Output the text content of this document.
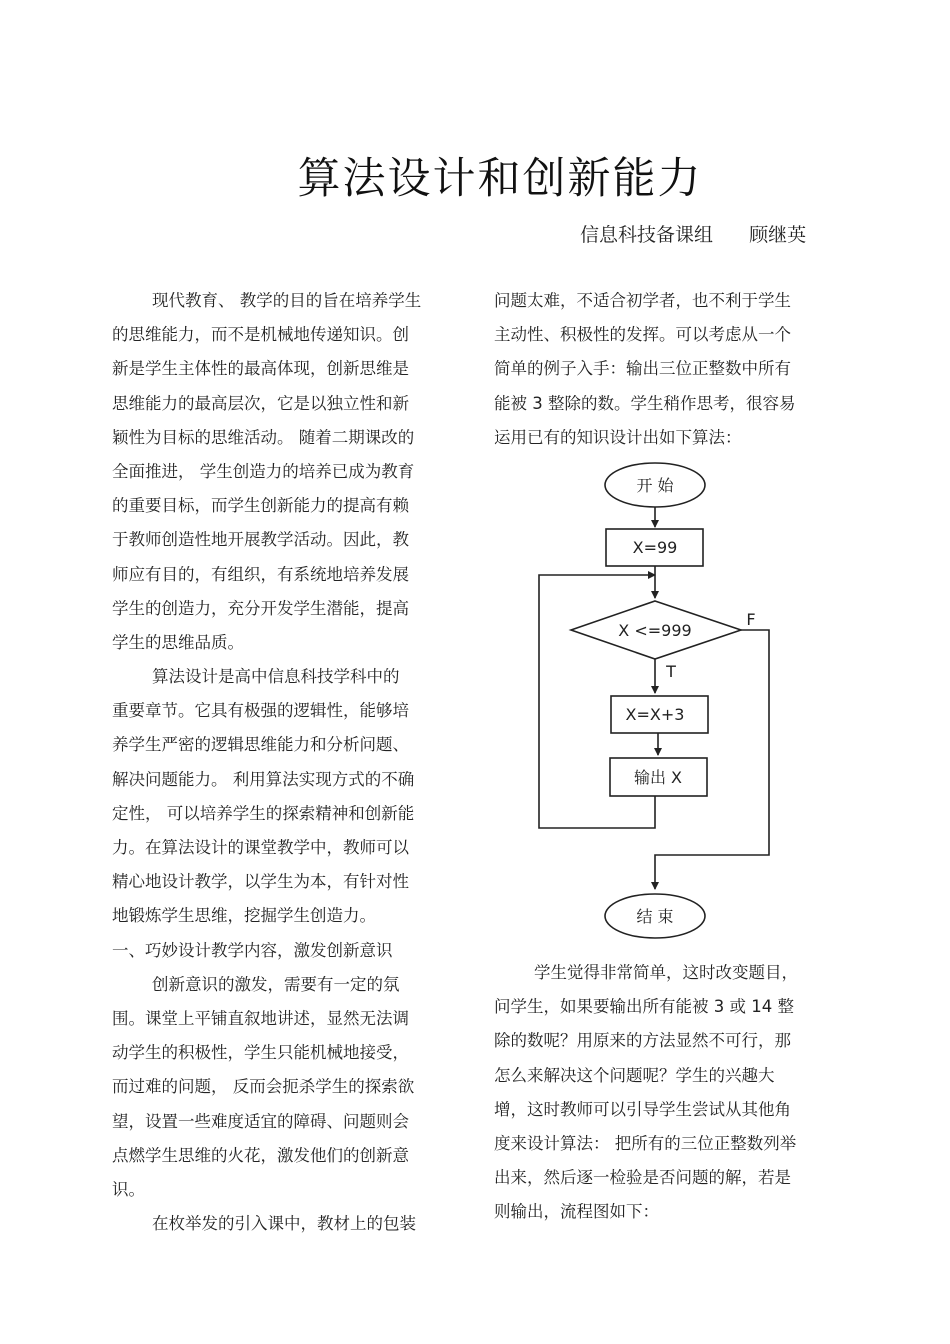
算法设计和创新能力
信息科技备课组 顾继英
现代教育、 教学的目的旨在培养学生
的思维能力，而不是机械地传递知识。创
新是学生主体性的最高体现，创新思维是
思维能力的最高层次，它是以独立性和新
颖性为目标的思维活动。 随着二期课改的
全面推进， 学生创造力的培养已成为教育
的重要目标，而学生创新能力的提高有赖
于教师创造性地开展教学活动。因此，教
师应有目的，有组织，有系统地培养发展
学生的创造力，充分开发学生潜能，提高
学生的思维品质。
算法设计是高中信息科技学科中的
重要章节。它具有极强的逻辑性，能够培
养学生严密的逻辑思维能力和分析问题、
解决问题能力。 利用算法实现方式的不确
定性， 可以培养学生的探索精神和创新能
力。在算法设计的课堂教学中，教师可以
精心地设计教学，以学生为本，有针对性
地锻炼学生思维，挖掘学生创造力。
一、巧妙设计教学内容，激发创新意识
创新意识的激发，需要有一定的氛
围。课堂上平铺直叙地讲述，显然无法调
动学生的积极性，学生只能机械地接受，
而过难的问题， 反而会扼杀学生的探索欲
望，设置一些难度适宜的障碍、问题则会
点燃学生思维的火花，激发他们的创新意
识。
在枚举发的引入课中，教材上的包装
问题太难，不适合初学者，也不利于学生
主动性、积极性的发挥。可以考虑从一个
简单的例子入手：输出三位正整数中所有
能被 3 整除的数。学生稍作思考，很容易
运用已有的知识设计出如下算法：
学生觉得非常简单，这时改变题目，
问学生，如果要输出所有能被 3 或 14 整
除的数呢？用原来的方法显然不可行，那
怎么来解决这个问题呢？学生的兴趣大
增，这时教师可以引导学生尝试从其他角
度来设计算法： 把所有的三位正整数列举
出来，然后逐一检验是否问题的解，若是
则输出，流程图如下：
开 始
X=99
X <=999
X=X+3
输出 X
结 束
F
T
